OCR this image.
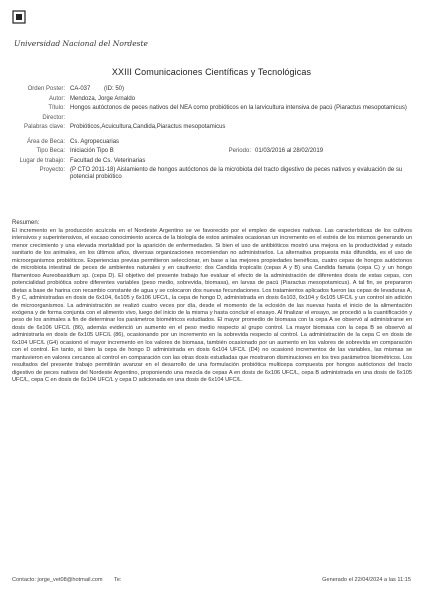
Universidad Nacional del Nordeste
XXIII Comunicaciones Científicas y Tecnológicas
Orden Poster: CA-037 (ID: 50)
Autor: Mendoza, Jorge Arnaldo
Título: Hongos autóctonos de peces nativos del NEA como probióticos en la larvicultura intensiva de pacú (Piaractus mesopotamicus)
Director:
Palabras clave: Probióticos,Acuicultura,Candida,Piaractus mesopotamicus
Área de Beca: Cs. Agropecuarias
Tipo Beca: Iniciación Tipo B	Periodo: 01/03/2016 al 28/02/2019
Lugar de trabajo: Facultad de Cs. Veterinarias
Proyecto: (P CTO 2011-18) Aislamiento de hongos autóctonos de la microbiota del tracto digestivo de peces nativos y evaluación de su potencial probiótico
Resumen:
El incremento en la producción acuícola en el Nordeste Argentino se ve favorecido por el empleo de especies nativas. Las características de los cultivos intensivos y superintensivos, el escaso conocimiento acerca de la biología de estos animales ocasionan un incremento en el estrés de los mismos generando un menor crecimiento y una elevada mortalidad por la aparición de enfermedades. Si bien el uso de antibióticos mostró una mejora en la productividad y estado sanitario de los animales, en los últimos años, diversas organizaciones recomiendan no administrarlos. La alternativa propuesta más difundida, es el uso de microorganismos probióticos. Experiencias previas permitieron seleccionar, en base a las mejores propiedades benéficas, cuatro cepas de hongos autóctonos de microbiota intestinal de peces de ambientes naturales y en cautiverio: dos Candida tropicalis (cepas A y B) una Candida famata (cepa C) y un hongo filamentoso Aureobasidium sp. (cepa D). El objetivo del presente trabajo fue evaluar el efecto de la administración de diferentes dosis de estas cepas, con potencialidad probiótica sobre diferentes variables (peso medio, sobrevida, biomasa), en larvas de pacú (Piaractus mesopotamicus). A tal fin, se prepararon dietas a base de harina con recambio constante de agua y se colocaron dos nuevas fecundaciones. Los tratamientos aplicados fueron las cepas de levaduras A, B y C, administradas en dosis de 6x104, 6x105 y 6x106 UFC/L, la cepa de hongo D, administrada en dosis 6x103, 6x104 y 6x105 UFC/L y un control sin adición de microorganismos. La administración se realizó cuatro veces por día, desde el momento de la eclosión de las nuevas hasta el inicio de la alimentación exógena y de forma conjunta con el alimento vivo, luego del inicio de la misma y hasta concluir el ensayo. Al finalizar el ensayo, se procedió a la cuantificación y peso de los animales a fin de determinar los parámetros biométricos estudiados. El mayor promedio de biomasa con la cepa A se observó al administrarse en dosis de 6x106 UFC/L (86), además evidenció un aumento en el peso medio respecto al grupo control. La mayor biomasa con la cepa B se observó al administrarla en dosis de 6x105 UFC/L (86), ocasionando por un incremento en la sobrevida respecto al control. La administración de la cepa C en dosis de 6x104 UFC/L (G4) ocasionó el mayor incremento en los valores de biomasa, también ocasionado por un aumento en los valores de sobrevida en comparación con el control. En tanto, si bien la cepa de hongo D administrada en dosis 6x104 UFC/L (D4) no ocasionó incrementos de las variables, las mismas se mantuvieron en valores cercanos al control en comparación con las otras dosis estudiadas que mostraron disminuciones en los tres parámetros biométricos. Los resultados del presente trabajo permitirán avanzar en el desarrollo de una formulación probiótica multicepa compuesta por hongos autóctonos del tracto digestivo de peces nativos del Nordeste Argentino, proponiendo una mezcla de cepas A en dosis de 6x106 UFC/L, cepa B administrada en una dosis de 6x105 UFC/L, cepa C en dosis de 6x104 UFC/L y cepa D adicionada en una dosis de 6x104 UFC/L.
Contacto: jorge_vet08@hotmail.com Te:	Generado el 22/04/2024 a las 11:15
